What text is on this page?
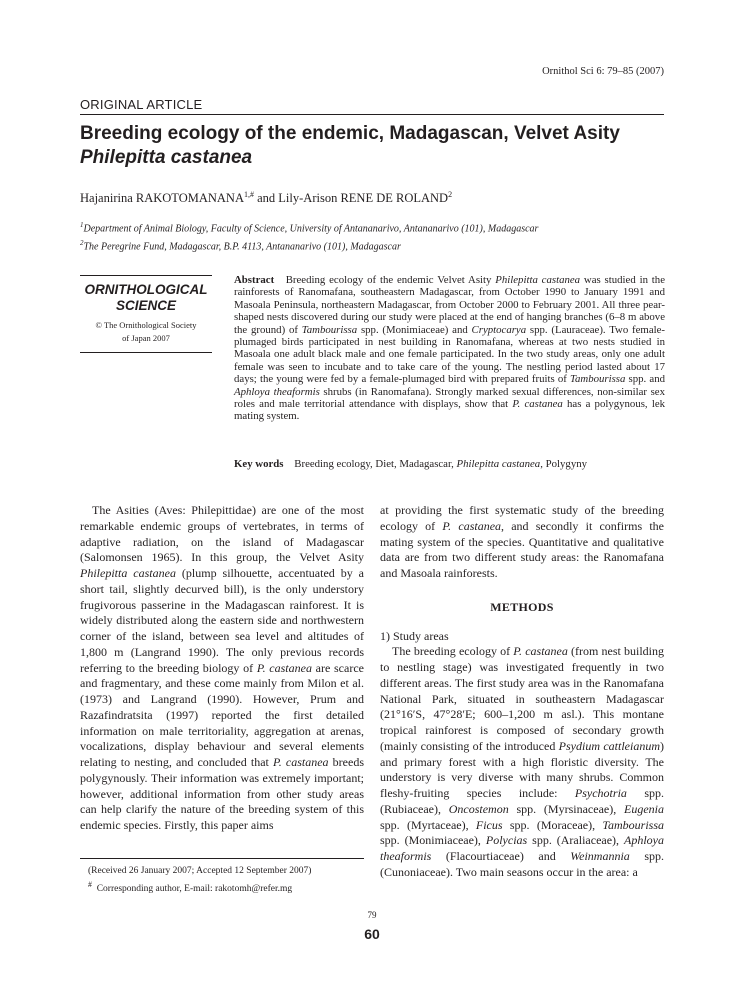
Ornithol Sci 6: 79–85 (2007)
ORIGINAL ARTICLE
Breeding ecology of the endemic, Madagascan, Velvet Asity
Philepitta castanea
Hajanirina $RAKOTOMANANA^{1,\#}$ and Lily-Arison RENE DE ROLAND$^2$
$^1$Department of Animal Biology, Faculty of Science, University of Antananarivo, Antananarivo (101), Madagascar
$^2$The Peregrine Fund, Madagascar, B.P. 4113, Antananarivo (101), Madagascar
ORNITHOLOGICAL
SCIENCE
© The Ornithological Society
of Japan 2007
Abstract Breeding ecology of the endemic Velvet Asity Philepitta castanea was studied in the rainforests of Ranomafana, southeastern Madagascar, from October 1990 to January 1991 and Masoala Peninsula, northeastern Madagascar, from October 2000 to February 2001. All three pear-shaped nests discovered during our study were placed at the end of hanging branches (6–8 m above the ground) of Tambourissa spp. (Monimiaceae) and Cryptocarya spp. (Lauraceae). Two female-plumaged birds participated in nest building in Ranomafana, whereas at two nests studied in Masoala one adult black male and one female participated. In the two study areas, only one adult female was seen to incubate and to take care of the young. The nestling period lasted about 17 days; the young were fed by a female-plumaged bird with prepared fruits of Tambourissa spp. and Aphloya theaformis shrubs (in Ranomafana). Strongly marked sexual differences, non-similar sex roles and male territorial attendance with displays, show that P. castanea has a polygynous, lek mating system.
Key words Breeding ecology, Diet, Madagascar, Philepitta castanea, Polygyny

The Asities (Aves: Philepittidae) are one of the most remarkable endemic groups of vertebrates, in terms of adaptive radiation, on the island of Madagascar (Salomonsen 1965). In this group, the Velvet Asity Philepitta castanea (plump silhouette, accentuated by a short tail, slightly decurved bill), is the only understory frugivorous passerine in the Madagascan rainforest. It is widely distributed along the eastern side and northwestern corner of the island, between sea level and altitudes of 1,800 m (Langrand 1990). The only previous records referring to the breeding biology of P. castanea are scarce and fragmentary, and these come mainly from Milon et al. (1973) and Langrand (1990). However, Prum and Razafindratsita (1997) reported the first detailed information on male territoriality, aggregation at arenas, vocalizations, display behaviour and several elements relating to nesting, and concluded that P. castanea breeds polygynously. Their information was extremely important; however, additional information from other study areas can help clarify the nature of the breeding system of this endemic species. Firstly, this paper aims

at providing the first systematic study of the breeding ecology of P. castanea, and secondly it confirms the mating system of the species. Quantitative and qualitative data are from two different study areas: the Ranomafana and Masoala rainforests.

METHODS

1) Study areas

The breeding ecology of P. castanea (from nest building to nestling stage) was investigated frequently in two different areas. The first study area was in the Ranomafana National Park, situated in southeastern Madagascar (21°16′S, 47°28′E; 600–1,200 m asl.). This montane tropical rainforest is composed of secondary growth (mainly consisting of the introduced Psydium cattleianum) and primary forest with a high floristic diversity. The understory is very diverse with many shrubs. Common fleshy-fruiting species include: Psychotria spp. (Rubiaceae), Oncostemon spp. (Myrsinaceae), Eugenia spp. (Myrtaceae), Ficus spp. (Moraceae), Tambourissa spp. (Monimiaceae), Polycias spp. (Araliaceae), Aphloya theaformis (Flacourtiaceae) and Weinmannia spp. (Cunoniaceae). Two main seasons occur in the area: a

(Received 26 January 2007; Accepted 12 September 2007)
# Corresponding author, E-mail: rakotomh@refer.mg
79
60
